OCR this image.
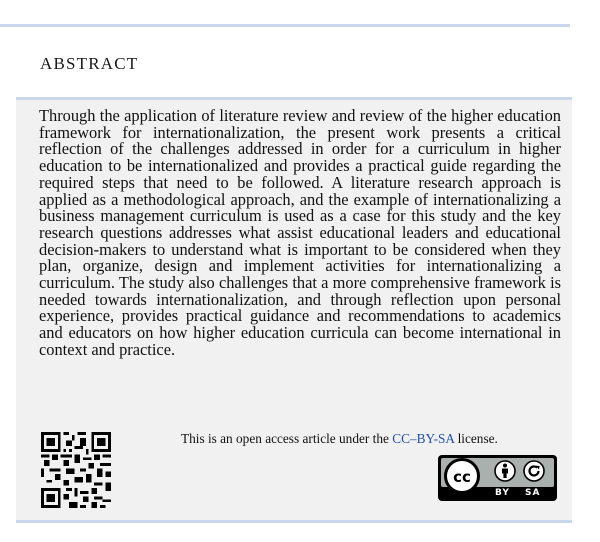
ABSTRACT

Through the application of literature review and review of the higher education framework for internationalization, the present work presents a critical reflection of the challenges addressed in order for a curriculum in higher education to be internationalized and provides a practical guide regarding the required steps that need to be followed. A literature research approach is applied as a methodological approach, and the example of internationalizing a business management curriculum is used as a case for this study and the key research questions addresses what assist educational leaders and educational decision-makers to understand what is important to be considered when they plan, organize, design and implement activities for internationalizing a curriculum. The study also challenges that a more comprehensive framework is needed towards internationalization, and through reflection upon personal experience, provides practical guidance and recommendations to academics and educators on how higher education curricula can become international in context and practice.

This is an open access article under the CC–BY-SA license.
cc
BY SA
